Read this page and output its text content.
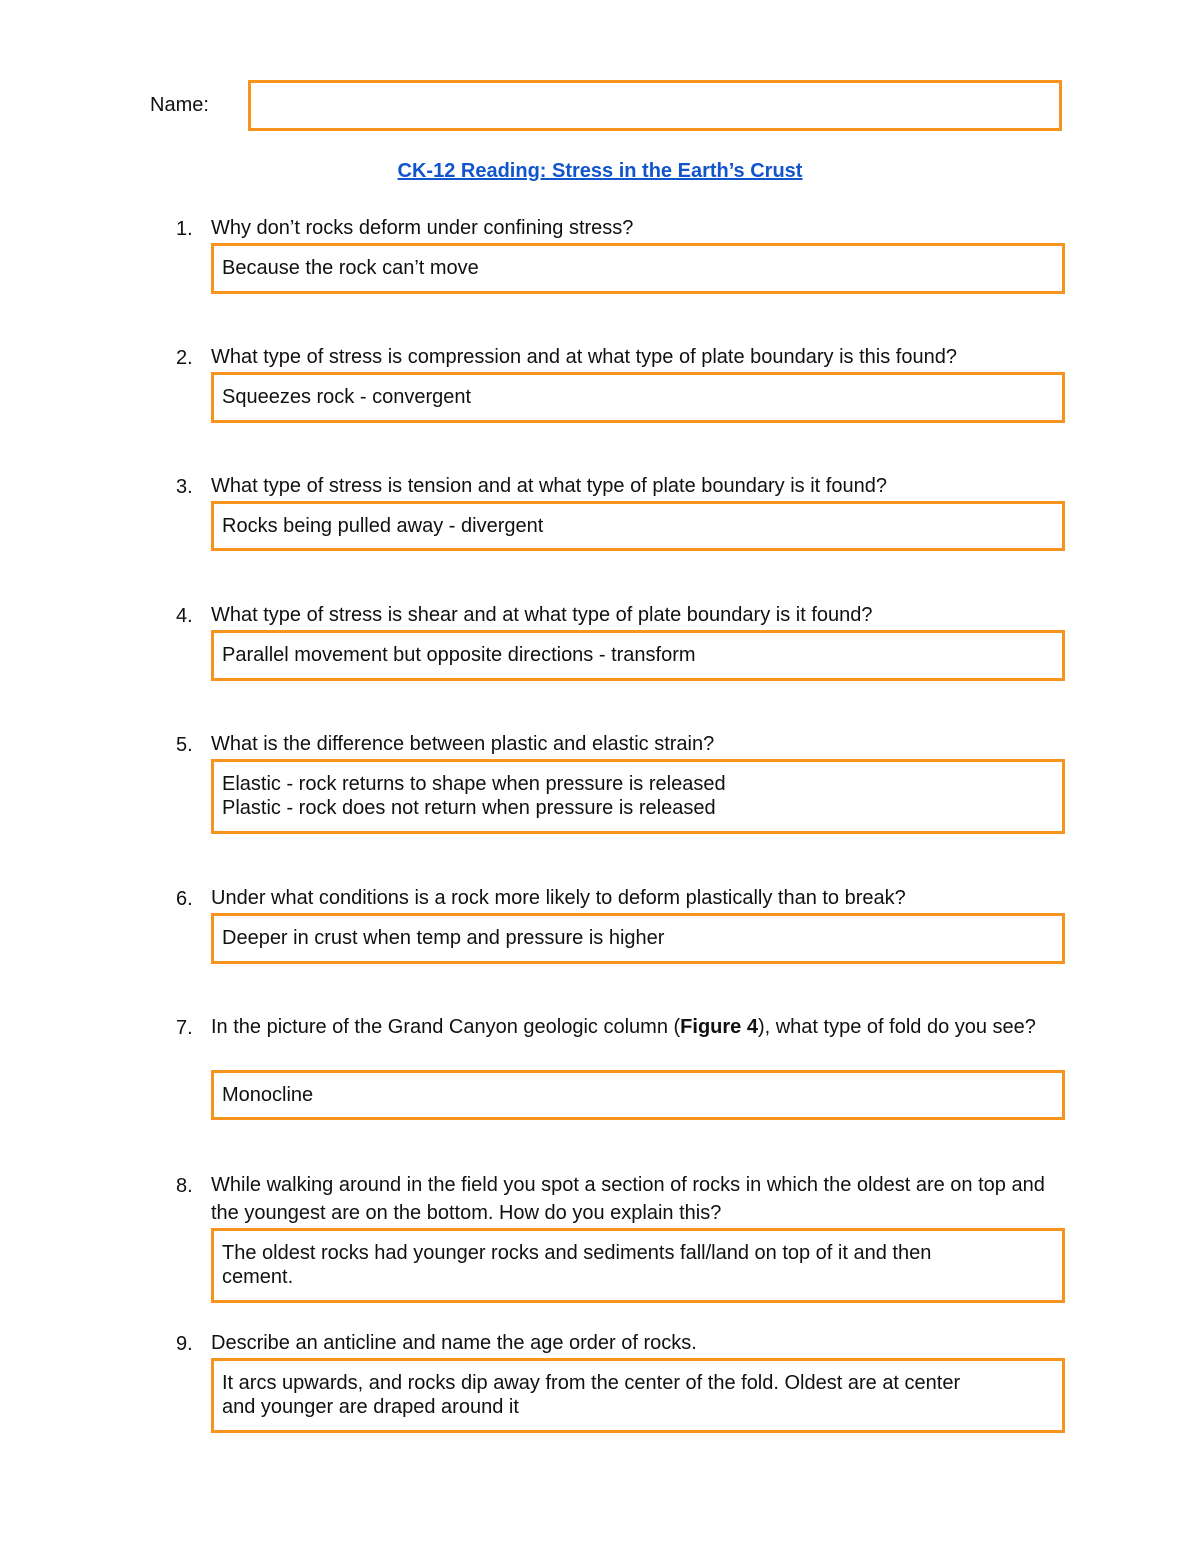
Name:
CK-12 Reading: Stress in the Earth’s Crust
1. Why don’t rocks deform under confining stress?
Because the rock can’t move
2. What type of stress is compression and at what type of plate boundary is this found?
Squeezes rock - convergent
3. What type of stress is tension and at what type of plate boundary is it found?
Rocks being pulled away - divergent
4. What type of stress is shear and at what type of plate boundary is it found?
Parallel movement but opposite directions - transform
5. What is the difference between plastic and elastic strain?
Elastic - rock returns to shape when pressure is released
Plastic - rock does not return when pressure is released
6. Under what conditions is a rock more likely to deform plastically than to break?
Deeper in crust when temp and pressure is higher
7. In the picture of the Grand Canyon geologic column (Figure 4), what type of fold do you see?
Monocline
8. While walking around in the field you spot a section of rocks in which the oldest are on top and the youngest are on the bottom. How do you explain this?
The oldest rocks had younger rocks and sediments fall/land on top of it and then
cement.
9. Describe an anticline and name the age order of rocks.
It arcs upwards, and rocks dip away from the center of the fold. Oldest are at center
and younger are draped around it
